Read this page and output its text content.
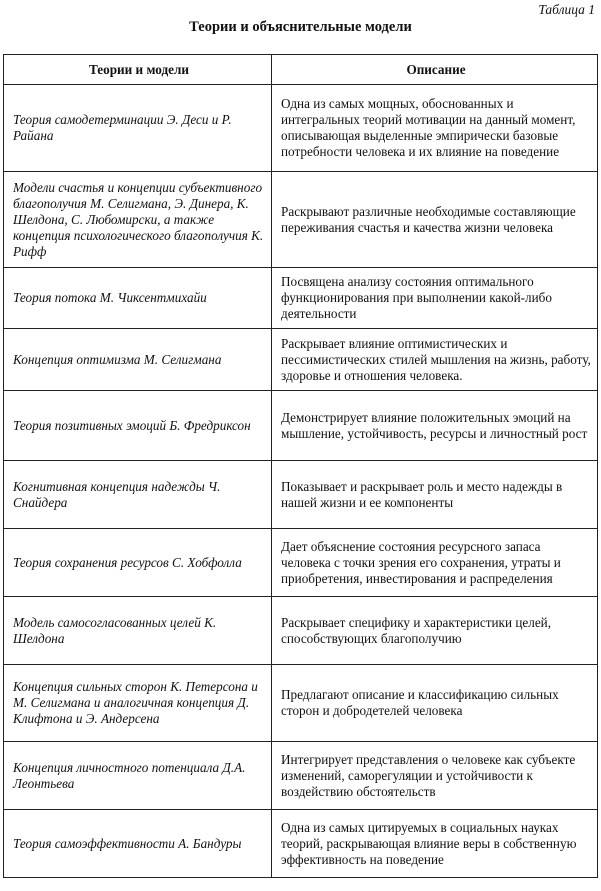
Таблица 1
Теории и объяснительные модели
Теории и модели	Описание
Теория самодетерминации Э. Деси и Р. Райана	Одна из самых мощных, обоснованных и интегральных теорий мотивации на данный момент, описывающая выделенные эмпирически базовые потребности человека и их влияние на поведение
Модели счастья и концепции субъективного благополучия М. Селигмана, Э. Динера, К. Шелдона, С. Любомирски, а также концепция психологического благополучия К. Рифф	Раскрывают различные необходимые составляющие переживания счастья и качества жизни человека
Теория потока М. Чиксентмихайи	Посвящена анализу состояния оптимального функционирования при выполнении какой-либо деятельности
Концепция оптимизма М. Селигмана	Раскрывает влияние оптимистических и пессимистических стилей мышления на жизнь, работу, здоровье и отношения человека.
Теория позитивных эмоций Б. Фредриксон	Демонстрирует влияние положительных эмоций на мышление, устойчивость, ресурсы и личностный рост
Когнитивная концепция надежды Ч. Снайдера	Показывает и раскрывает роль и место надежды в нашей жизни и ее компоненты
Теория сохранения ресурсов С. Хобфолла	Дает объяснение состояния ресурсного запаса человека с точки зрения его сохранения, утраты и приобретения, инвестирования и распределения
Модель самосогласованных целей К. Шелдона	Раскрывает специфику и характеристики целей, способствующих благополучию
Концепция сильных сторон К. Петерсона и М. Селигмана и аналогичная концепция Д. Клифтона и Э. Андерсена	Предлагают описание и классификацию сильных сторон и добродетелей человека
Концепция личностного потенциала Д.А. Леонтьева	Интегрирует представления о человеке как субъекте изменений, саморегуляции и устойчивости к воздействию обстоятельств
Теория самоэффективности А. Бандуры	Одна из самых цитируемых в социальных науках теорий, раскрывающая влияние веры в собственную эффективность на поведение
